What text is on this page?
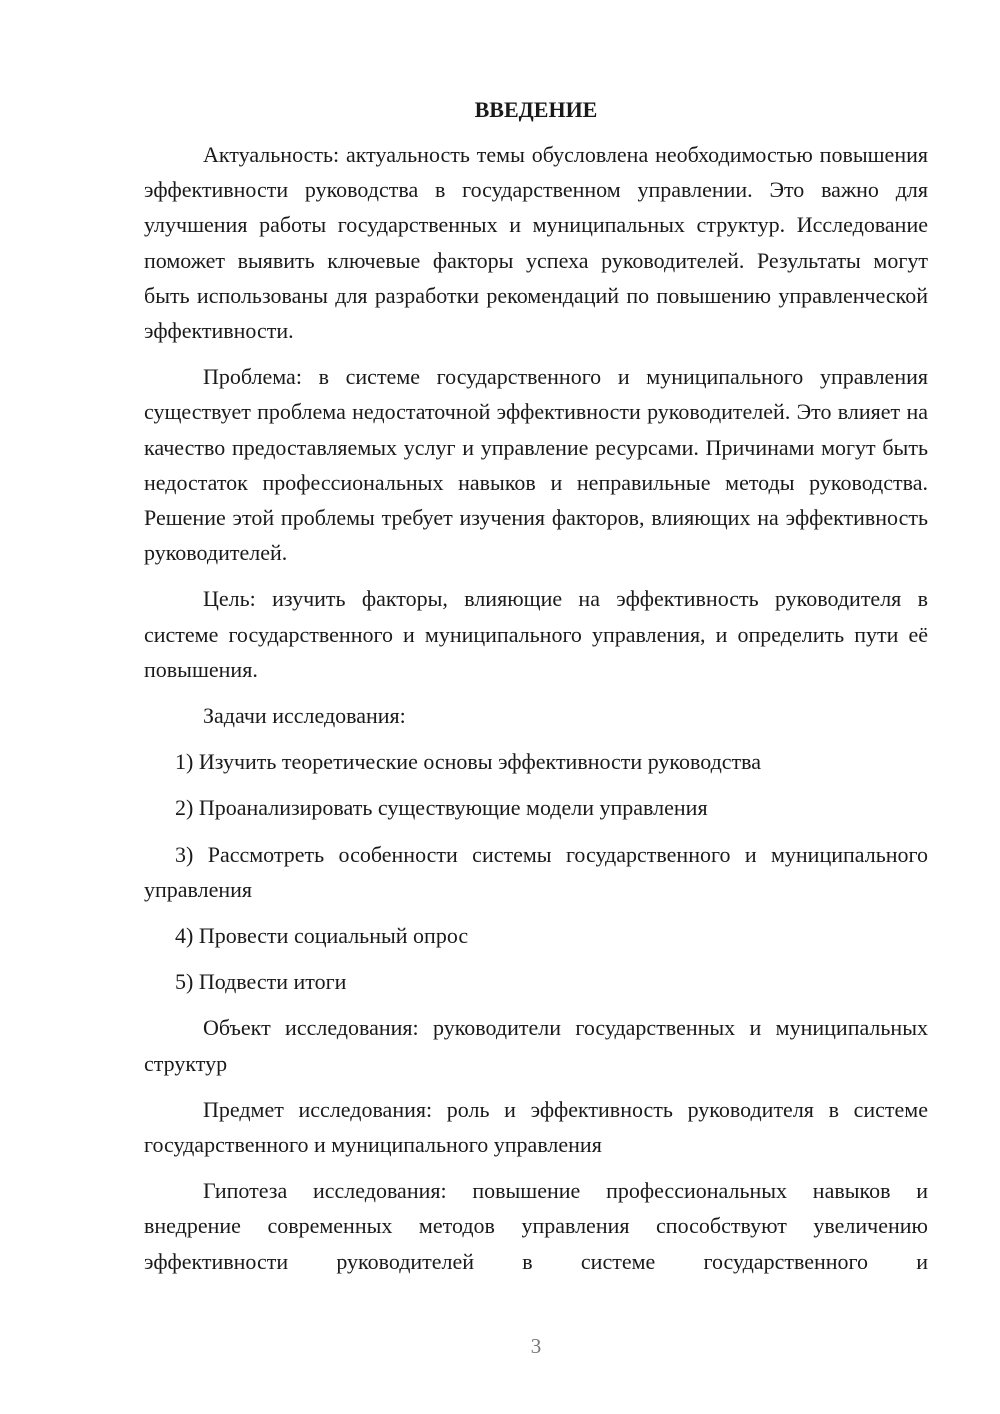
ВВЕДЕНИЕ

Актуальность: актуальность темы обусловлена необходимостью повышения эффективности руководства в государственном управлении. Это важно для улучшения работы государственных и муниципальных структур. Исследование поможет выявить ключевые факторы успеха руководителей. Результаты могут быть использованы для разработки рекомендаций по повышению управленческой эффективности.

Проблема: в системе государственного и муниципального управления существует проблема недостаточной эффективности руководителей. Это влияет на качество предоставляемых услуг и управление ресурсами. Причинами могут быть недостаток профессиональных навыков и неправильные методы руководства. Решение этой проблемы требует изучения факторов, влияющих на эффективность руководителей.

Цель: изучить факторы, влияющие на эффективность руководителя в системе государственного и муниципального управления, и определить пути её повышения.

Задачи исследования:

1) Изучить теоретические основы эффективности руководства

2) Проанализировать существующие модели управления

3) Рассмотреть особенности системы государственного и муниципального управления

4) Провести социальный опрос

5) Подвести итоги

Объект исследования: руководители государственных и муниципальных структур

Предмет исследования: роль и эффективность руководителя в системе государственного и муниципального управления

Гипотеза исследования: повышение профессиональных навыков и внедрение современных методов управления способствуют увеличению эффективности руководителей в системе государственного и

3
